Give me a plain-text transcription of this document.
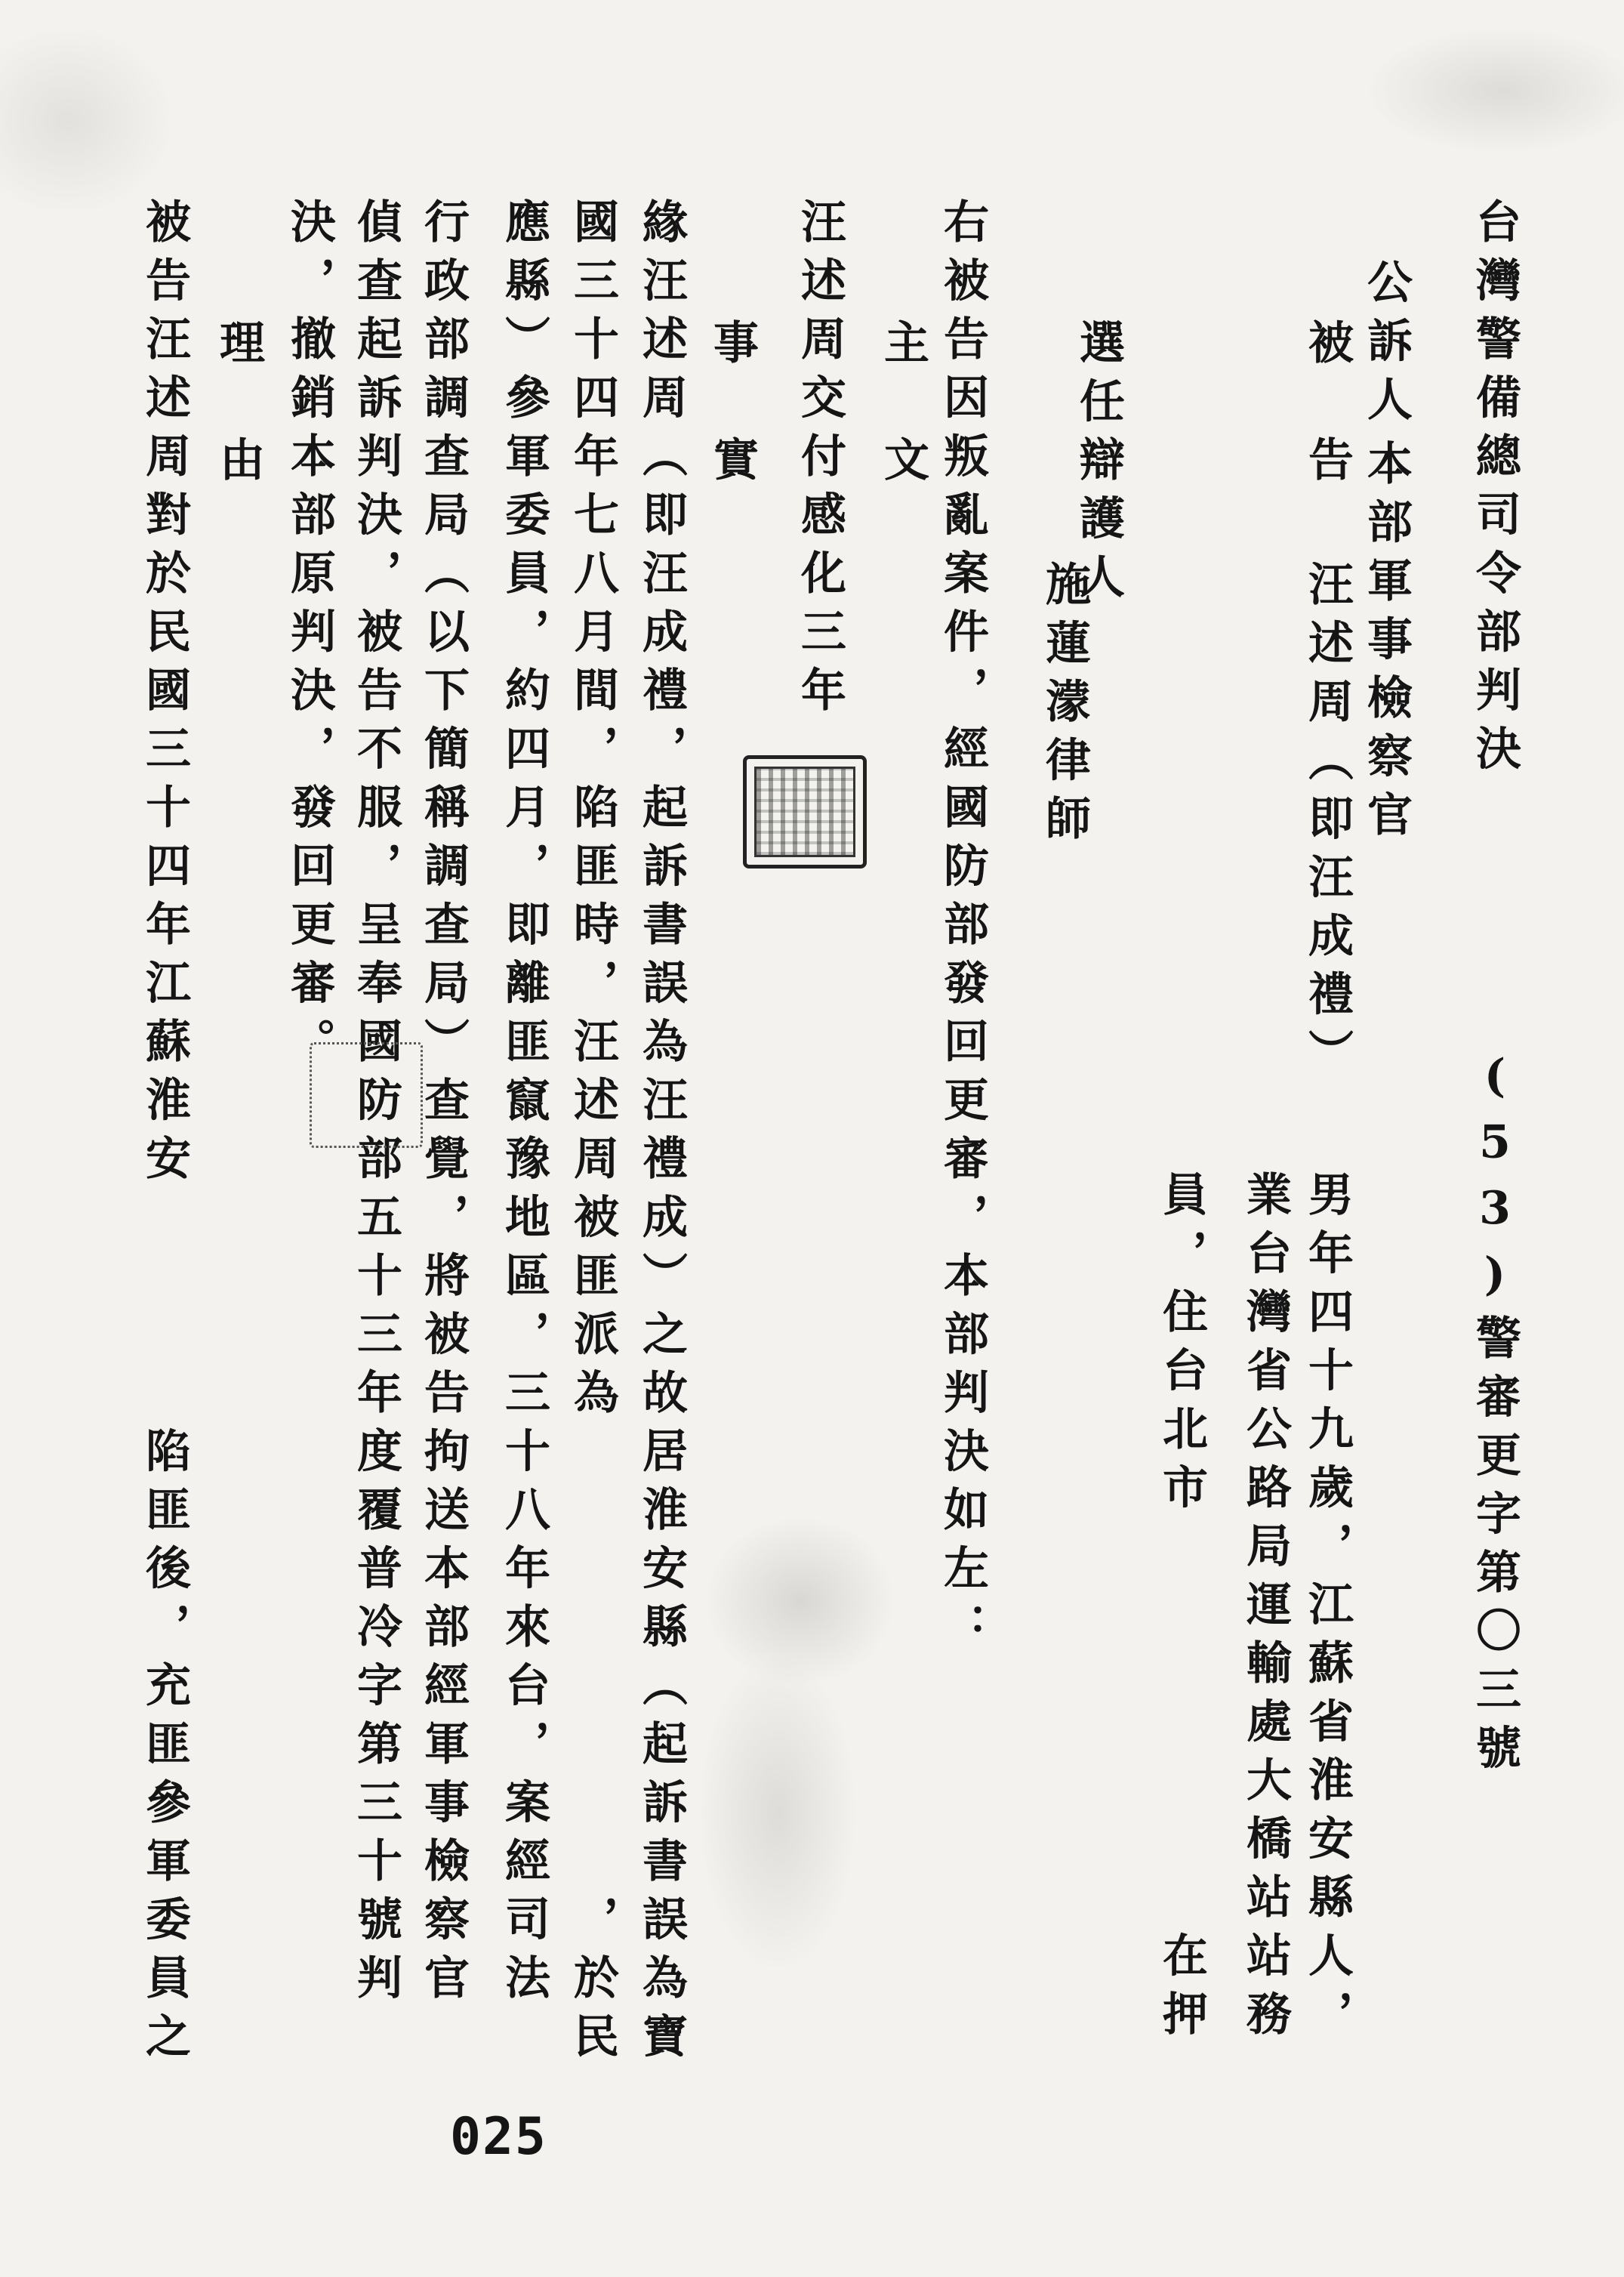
台灣警備總司令部判決
(53)警審更字第〇三號
公訴人
本部軍事檢察官
被　告
汪述周（即汪成禮）
男年四十九歲，江蘇省淮安縣人，
業台灣省公路局運輸處大橋站站務
員，住台北市　　　　　　　在押
選任辯護人
施蓮濛律師
右被告因叛亂案件，經國防部發回更審，本部判決如左：
主　文
汪述周交付感化三年
事　實
緣汪述周（即汪成禮，起訴書誤為汪禮成）之故居淮安縣（起訴書誤為寶
應縣）參軍委員，約四月，即離匪竄豫地區，三十八年來台，案經司法 國三十四年七八月間，陷匪時，汪述周被匪派為　　　　　　　　，於民
行政部調查局（以下簡稱調查局）查覺，將被告拘送本部經軍事檢察官
偵查起訴判決，被告不服，呈奉國防部五十三年度覆普冷字第三十號判
決，撤銷本部原判決，發回更審。
理　由
被告汪述周對於民國三十四年江蘇淮安　　　　陷匪後，充匪參軍委員之
025
